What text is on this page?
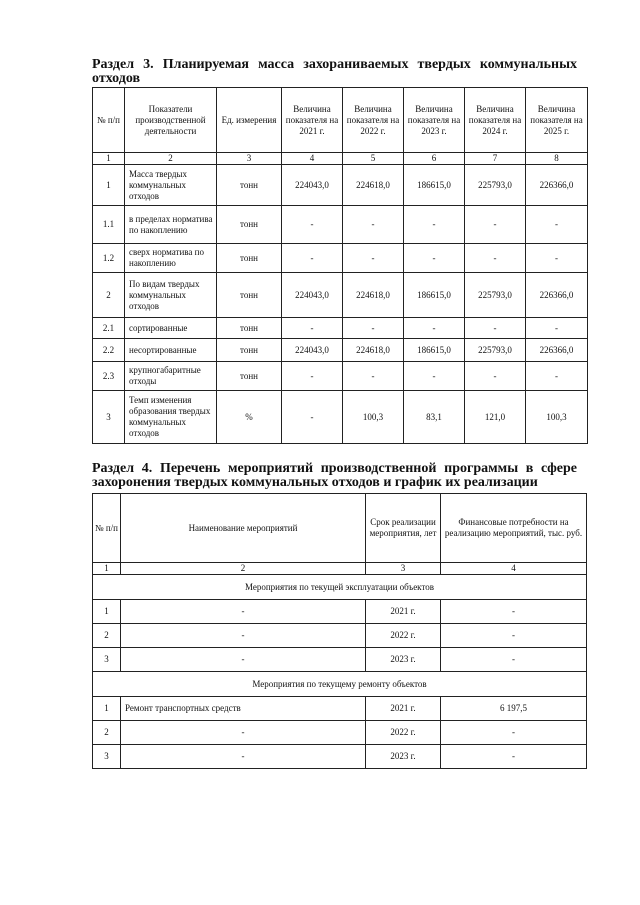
Раздел 3. Планируемая масса захораниваемых твердых коммунальных отходов

№ п/п	Показатели производственной деятельности	Ед. измерения	Величина показателя на 2021 г.	Величина показателя на 2022 г.	Величина показателя на 2023 г.	Величина показателя на 2024 г.	Величина показателя на 2025 г.
1	2	3	4	5	6	7	8
1	Масса твердых коммунальных отходов	тонн	224043,0	224618,0	186615,0	225793,0	226366,0
1.1	в пределах норматива по накоплению	тонн	-	-	-	-	-
1.2	сверх норматива по накоплению	тонн	-	-	-	-	-
2	По видам твердых коммунальных отходов	тонн	224043,0	224618,0	186615,0	225793,0	226366,0
2.1	сортированные	тонн	-	-	-	-	-
2.2	несортированные	тонн	224043,0	224618,0	186615,0	225793,0	226366,0
2.3	крупногабаритные отходы	тонн	-	-	-	-	-
3	Темп изменения образования твердых коммунальных отходов	%	-	100,3	83,1	121,0	100,3

Раздел 4. Перечень мероприятий производственной программы в сфере захоронения твердых коммунальных отходов и график их реализации

№ п/п	Наименование мероприятий	Срок реализации мероприятия, лет	Финансовые потребности на реализацию мероприятий, тыс. руб.
1	2	3	4
Мероприятия по текущей эксплуатации объектов			
1	-	2021 г.	-
2	-	2022 г.	-
3	-	2023 г.	-
Мероприятия по текущему ремонту объектов			
1	Ремонт транспортных средств	2021 г.	6 197,5
2	-	2022 г.	-
3	-	2023 г.	-
